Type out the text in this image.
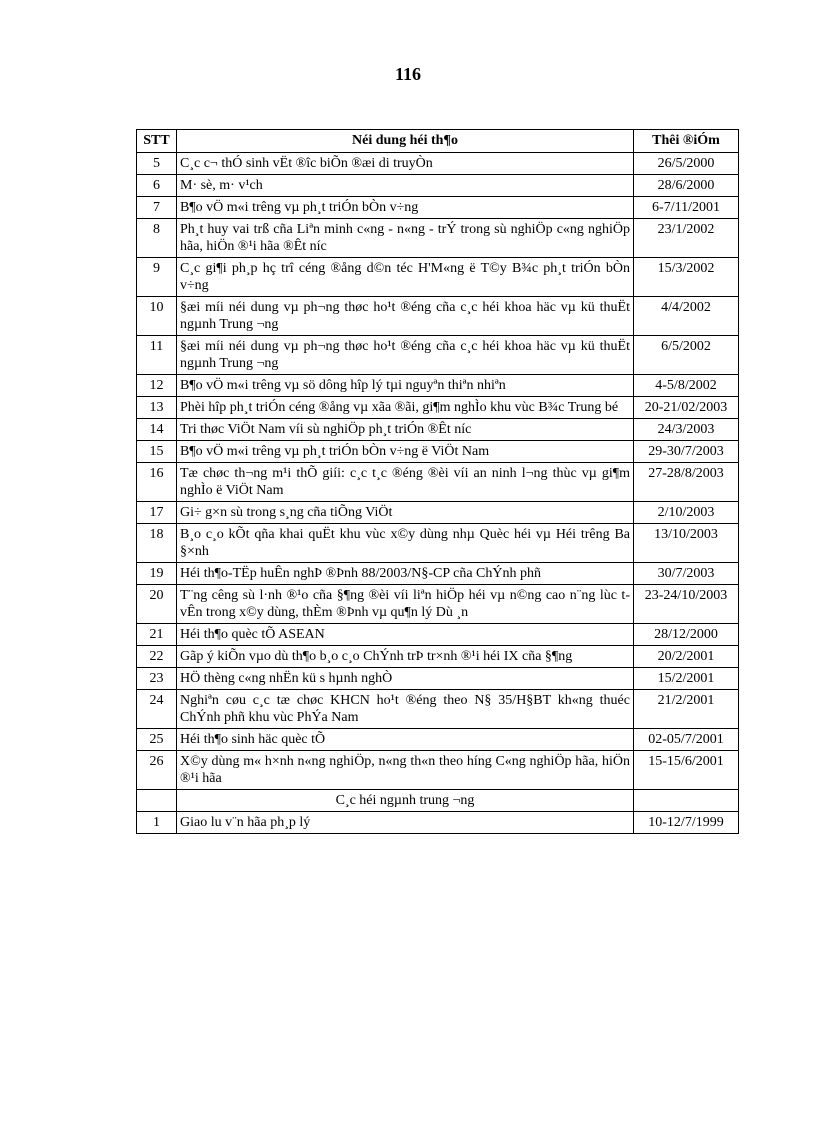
116
STT	Néi dung héi th¶o	Thêi ®iÓm
5	C¸c c¬ thÓ sinh vËt ®îc biÕn ®æi di truyÒn	26/5/2000
6	M· sè, m· v¹ch	28/6/2000
7	B¶o vÖ m«i trêng vµ ph¸t triÓn bÒn v÷ng	6-7/11/2001
8	Ph¸t huy vai trß cña Liªn minh c«ng - n«ng - trÝ trong sù nghiÖp c«ng nghiÖp hãa, hiÖn ®¹i hãa ®Êt níc	23/1/2002
9	C¸c gi¶i ph¸p hç trî céng ®ång d©n téc H'M«ng ë T©y B¾c ph¸t triÓn bÒn v÷ng	15/3/2002
10	§æi míi néi dung vµ ph¬ng thøc ho¹t ®éng cña c¸c héi khoa häc vµ kü thuËt ngµnh Trung ¬ng	4/4/2002
11	§æi míi néi dung vµ ph¬ng thøc ho¹t ®éng cña c¸c héi khoa häc vµ kü thuËt ngµnh Trung ¬ng	6/5/2002
12	B¶o vÖ m«i trêng vµ sö dông hîp lý tµi nguyªn thiªn nhiªn	4-5/8/2002
13	Phèi hîp ph¸t triÓn céng ®ång vµ xãa ®ãi, gi¶m nghÌo khu vùc B¾c Trung bé	20-21/02/2003
14	Tri thøc ViÖt Nam víi sù nghiÖp ph¸t triÓn ®Êt níc	24/3/2003
15	B¶o vÖ m«i trêng vµ ph¸t triÓn bÒn v÷ng ë ViÖt Nam	29-30/7/2003
16	Tæ chøc th¬ng m¹i thÕ giíi: c¸c t¸c ®éng ®èi víi an ninh l¬ng thùc vµ gi¶m nghÌo ë ViÖt Nam	27-28/8/2003
17	Gi÷ g×n sù trong s¸ng cña tiÕng ViÖt	2/10/2003
18	B¸o c¸o kÕt qña khai quËt khu vùc x©y dùng nhµ Quèc héi vµ Héi trêng Ba §×nh	13/10/2003
19	Héi th¶o-TËp huÊn nghÞ ®Þnh 88/2003/N§-CP cña ChÝnh phñ	30/7/2003
20	T¨ng cêng sù l·nh ®¹o cña §¶ng ®èi víi liªn hiÖp héi vµ n©ng cao n¨ng lùc t vÊn trong x©y dùng, thÈm ®Þnh vµ qu¶n lý Dù ¸n	23-24/10/2003
21	Héi th¶o quèc tÕ ASEAN	28/12/2000
22	Gãp ý kiÕn vµo dù th¶o b¸o c¸o ChÝnh trÞ tr×nh ®¹i héi IX cña §¶ng	20/2/2001
23	HÖ thèng c«ng nhËn kü s hµnh nghÒ	15/2/2001
24	Nghiªn cøu c¸c tæ chøc KHCN ho¹t ®éng theo N§ 35/H§BT kh«ng thuéc ChÝnh phñ khu vùc PhÝa Nam	21/2/2001
25	Héi th¶o sinh häc quèc tÕ	02-05/7/2001
26	X©y dùng m« h×nh n«ng nghiÖp, n«ng th«n theo híng C«ng nghiÖp hãa, hiÖn ®¹i hãa	15-15/6/2001
	C¸c héi ngµnh trung ¬ng	
1	Giao lu v¨n hãa ph¸p lý	10-12/7/1999
